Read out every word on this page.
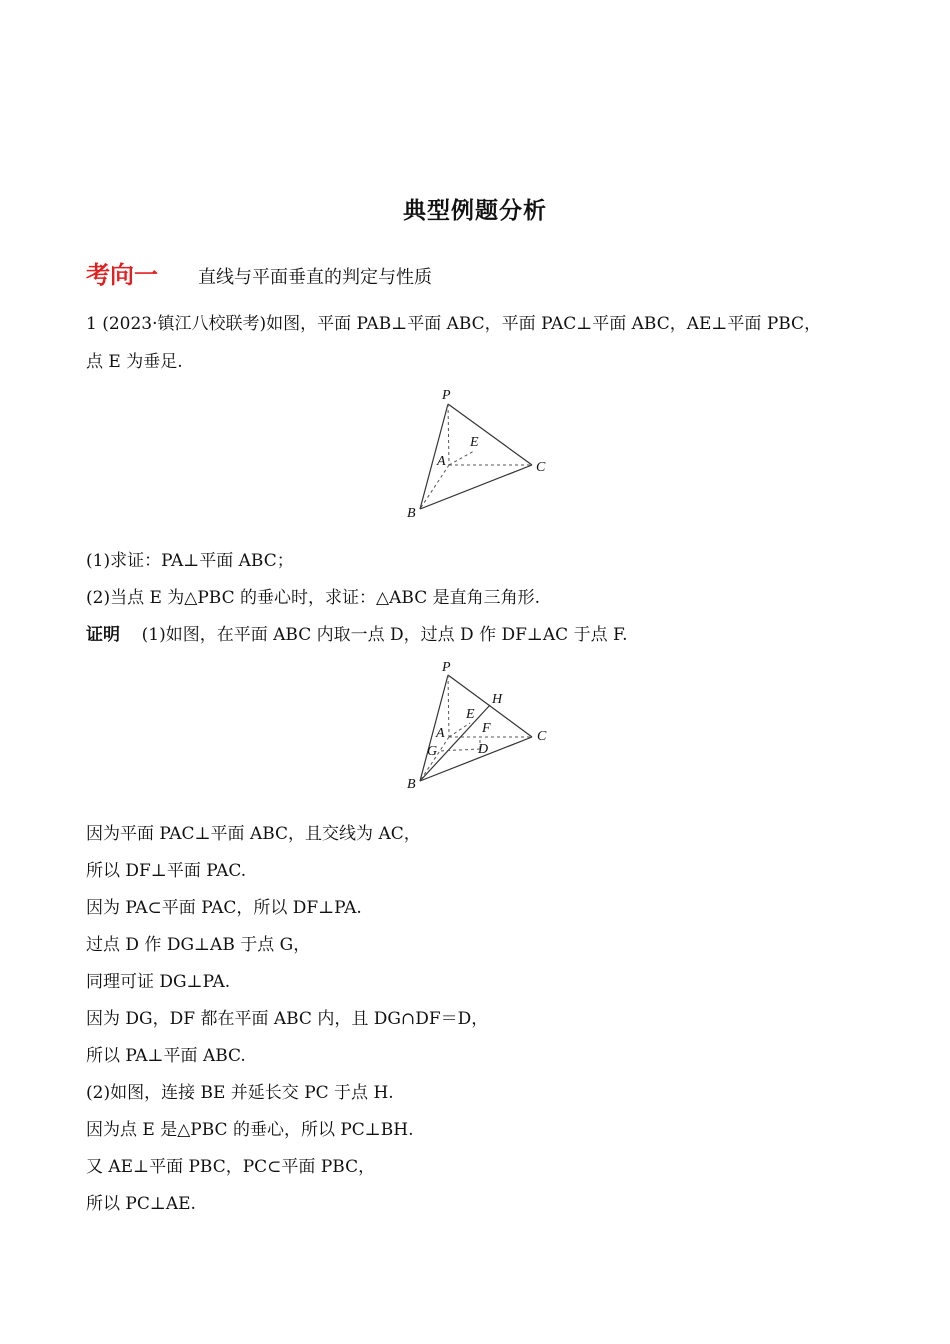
典型例题分析
考向一 直线与平面垂直的判定与性质
1 (2023·镇江八校联考)如图，平面 PAB⊥平面 ABC，平面 PAC⊥平面 ABC，AE⊥平面 PBC，
点 E 为垂足.
P
E
A	C
B
(1)求证：PA⊥平面 ABC；
(2)当点 E 为△PBC 的垂心时，求证：△ABC 是直角三角形.
证明 (1)如图，在平面 ABC 内取一点 D，过点 D 作 DF⊥AC 于点 F.
P
H
E
F
A	C
G	D
B
因为平面 PAC⊥平面 ABC，且交线为 AC，
所以 DF⊥平面 PAC.
因为 PA⊂平面 PAC，所以 DF⊥PA.
过点 D 作 DG⊥AB 于点 G，
同理可证 DG⊥PA.
因为 DG，DF 都在平面 ABC 内，且 DG∩DF＝D，
所以 PA⊥平面 ABC.
(2)如图，连接 BE 并延长交 PC 于点 H.
因为点 E 是△PBC 的垂心，所以 PC⊥BH.
又 AE⊥平面 PBC，PC⊂平面 PBC，
所以 PC⊥AE.
